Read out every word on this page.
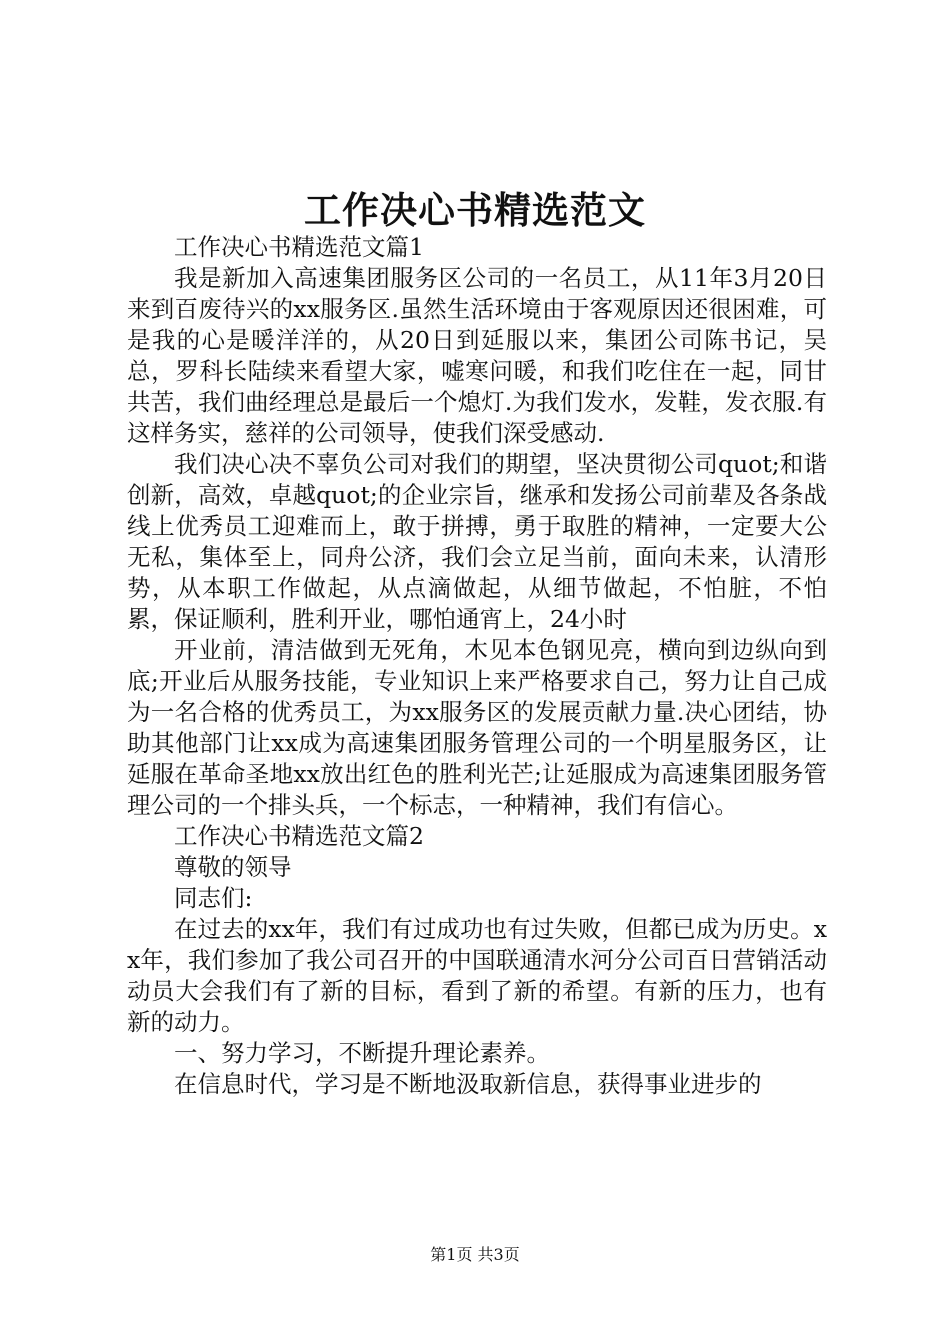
工作决心书精选范文

工作决心书精选范文篇1

我是新加入高速集团服务区公司的一名员工，从11年3月20日来到百废待兴的xx服务区.虽然生活环境由于客观原因还很困难，可是我的心是暖洋洋的，从20日到延服以来，集团公司陈书记，吴总，罗科长陆续来看望大家，嘘寒问暖，和我们吃住在一起，同甘共苦，我们曲经理总是最后一个熄灯.为我们发水，发鞋，发衣服.有这样务实，慈祥的公司领导，使我们深受感动.

我们决心决不辜负公司对我们的期望，坚决贯彻公司quot;和谐创新，高效，卓越quot;的企业宗旨，继承和发扬公司前辈及各条战线上优秀员工迎难而上，敢于拼搏，勇于取胜的精神，一定要大公无私，集体至上，同舟公济，我们会立足当前，面向未来，认清形势，从本职工作做起，从点滴做起，从细节做起，不怕脏，不怕累，保证顺利，胜利开业，哪怕通宵上，24小时

开业前，清洁做到无死角，木见本色钢见亮，横向到边纵向到底;开业后从服务技能，专业知识上来严格要求自己，努力让自己成为一名合格的优秀员工，为xx服务区的发展贡献力量.决心团结，协助其他部门让xx成为高速集团服务管理公司的一个明星服务区，让延服在革命圣地xx放出红色的胜利光芒;让延服成为高速集团服务管理公司的一个排头兵，一个标志，一种精神，我们有信心。

工作决心书精选范文篇2

尊敬的领导

同志们:

在过去的xx年，我们有过成功也有过失败，但都已成为历史。xx年，我们参加了我公司召开的中国联通清水河分公司百日营销活动动员大会我们有了新的目标，看到了新的希望。有新的压力，也有新的动力。

一、努力学习，不断提升理论素养。

在信息时代，学习是不断地汲取新信息，获得事业进步的

第1页 共3页
